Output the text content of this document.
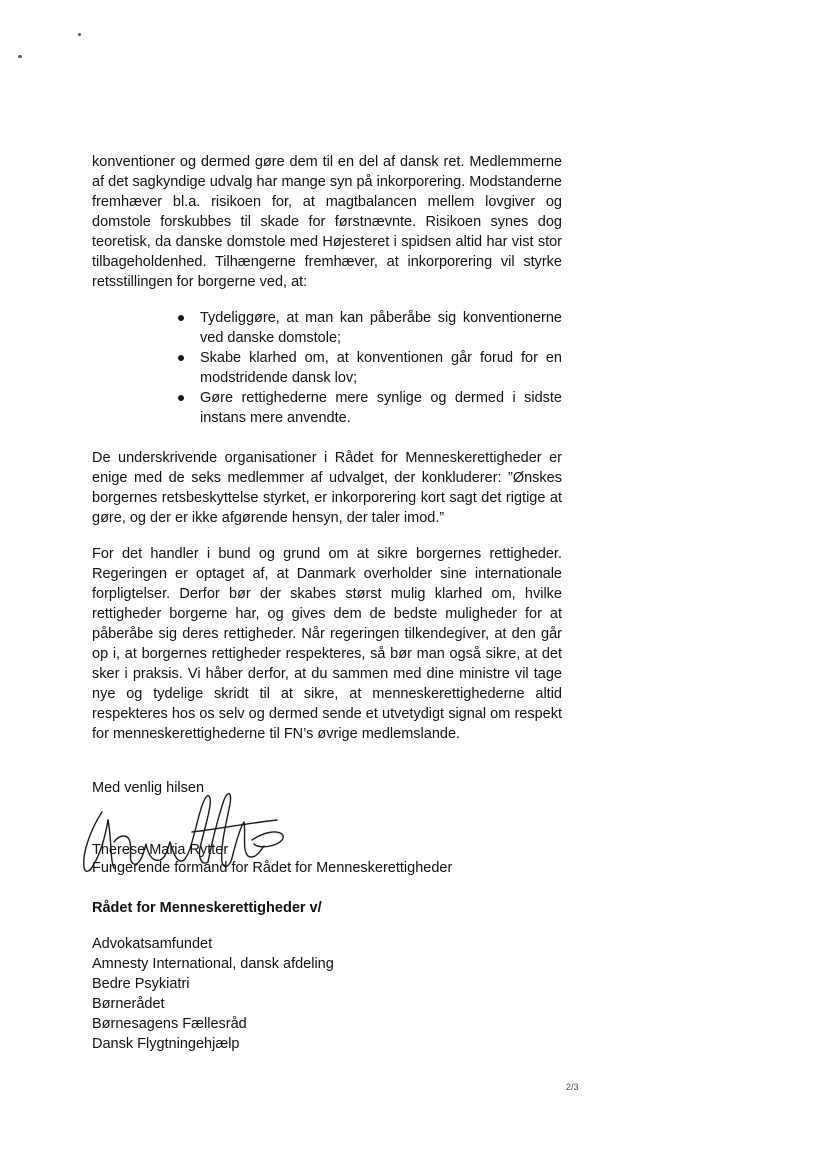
konventioner og dermed gøre dem til en del af dansk ret. Medlemmerne af det sagkyndige udvalg har mange syn på inkorporering. Modstanderne fremhæver bl.a. risikoen for, at magtbalancen mellem lovgiver og domstole forskubbes til skade for førstnævnte. Risikoen synes dog teoretisk, da danske domstole med Højesteret i spidsen altid har vist stor tilbageholdenhed. Tilhængerne fremhæver, at inkorporering vil styrke retsstillingen for borgerne ved, at:

Tydeliggøre, at man kan påberåbe sig konventionerne ved danske domstole;
Skabe klarhed om, at konventionen går forud for en modstridende dansk lov;
Gøre rettighederne mere synlige og dermed i sidste instans mere anvendte.

De underskrivende organisationer i Rådet for Menneskerettigheder er enige med de seks medlemmer af udvalget, der konkluderer: ”Ønskes borgernes retsbeskyttelse styrket, er inkorporering kort sagt det rigtige at gøre, og der er ikke afgørende hensyn, der taler imod.”

For det handler i bund og grund om at sikre borgernes rettigheder. Regeringen er optaget af, at Danmark overholder sine internationale forpligtelser. Derfor bør der skabes størst mulig klarhed om, hvilke rettigheder borgerne har, og gives dem de bedste muligheder for at påberåbe sig deres rettigheder. Når regeringen tilkendegiver, at den går op i, at borgernes rettigheder respekteres, så bør man også sikre, at det sker i praksis. Vi håber derfor, at du sammen med dine ministre vil tage nye og tydelige skridt til at sikre, at menneskerettighederne altid respekteres hos os selv og dermed sende et utvetydigt signal om respekt for menneskerettighederne til FN’s øvrige medlemslande.

Med venlig hilsen
Therese Maria Rytter
Fungerende formand for Rådet for Menneskerettigheder
Rådet for Menneskerettigheder v/
Advokatsamfundet
Amnesty International, dansk afdeling
Bedre Psykiatri
Børnerådet
Børnesagens Fællesråd
Dansk Flygtningehjælp
2/3
